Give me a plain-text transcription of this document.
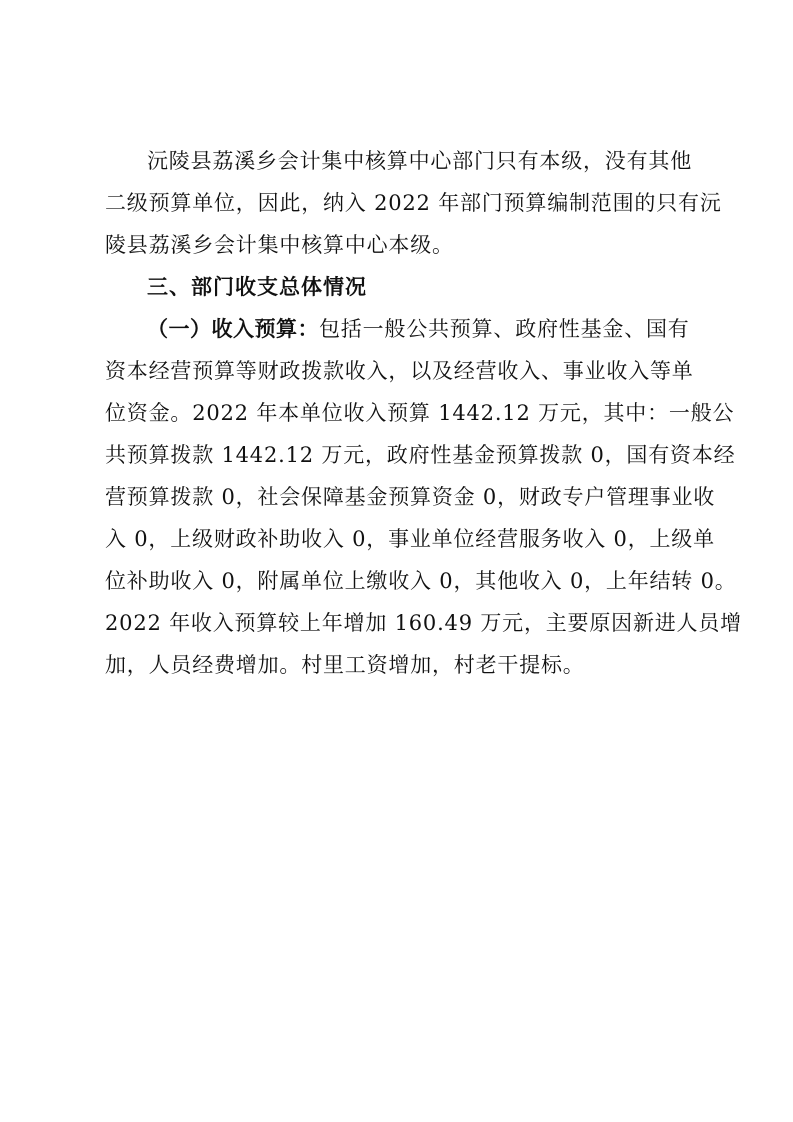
沅陵县荔溪乡会计集中核算中心部门只有本级，没有其他
二级预算单位，因此，纳入 2022 年部门预算编制范围的只有沅
陵县荔溪乡会计集中核算中心本级。
三、部门收支总体情况
（一）收入预算：包括一般公共预算、政府性基金、国有
资本经营预算等财政拨款收入，以及经营收入、事业收入等单
位资金。2022 年本单位收入预算 1442.12 万元，其中：一般公
共预算拨款 1442.12 万元，政府性基金预算拨款 0，国有资本经
营预算拨款 0，社会保障基金预算资金 0，财政专户管理事业收
入 0，上级财政补助收入 0，事业单位经营服务收入 0，上级单
位补助收入 0，附属单位上缴收入 0，其他收入 0，上年结转 0。
2022 年收入预算较上年增加 160.49 万元，主要原因新进人员增
加，人员经费增加。村里工资增加，村老干提标。
